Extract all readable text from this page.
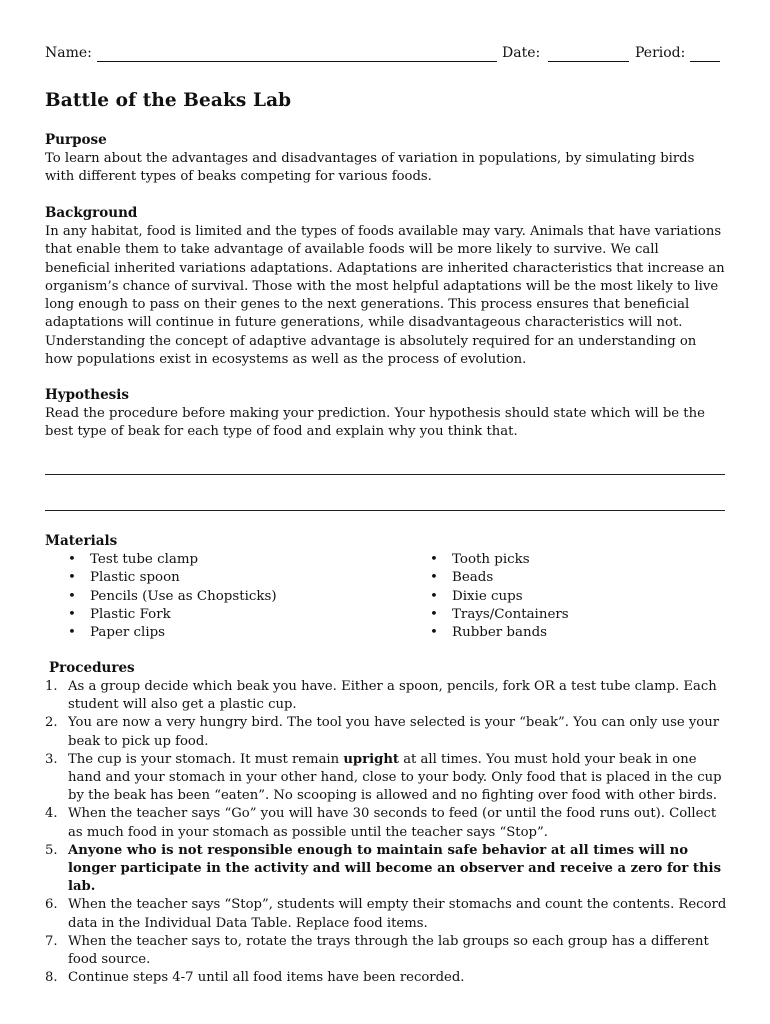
Name:	Date:	Period:
Battle of the Beaks Lab
Purpose
To learn about the advantages and disadvantages of variation in populations, by simulating birds with different types of beaks competing for various foods.
Background
In any habitat, food is limited and the types of foods available may vary. Animals that have variations that enable them to take advantage of available foods will be more likely to survive. We call beneficial inherited variations adaptations. Adaptations are inherited characteristics that increase an organism’s chance of survival. Those with the most helpful adaptations will be the most likely to live long enough to pass on their genes to the next generations. This process ensures that beneficial adaptations will continue in future generations, while disadvantageous characteristics will not. Understanding the concept of adaptive advantage is absolutely required for an understanding on how populations exist in ecosystems as well as the process of evolution.
Hypothesis
Read the procedure before making your prediction. Your hypothesis should state which will be the best type of beak for each type of food and explain why you think that.
Materials
• Test tube clamp
• Plastic spoon
• Pencils (Use as Chopsticks)
• Plastic Fork
• Paper clips
• Tooth picks
• Beads
• Dixie cups
• Trays/Containers
• Rubber bands
Procedures
1. As a group decide which beak you have. Either a spoon, pencils, fork OR a test tube clamp. Each student will also get a plastic cup.
2. You are now a very hungry bird. The tool you have selected is your “beak”. You can only use your beak to pick up food.
3. The cup is your stomach. It must remain upright at all times. You must hold your beak in one hand and your stomach in your other hand, close to your body. Only food that is placed in the cup by the beak has been “eaten”. No scooping is allowed and no fighting over food with other birds.
4. When the teacher says “Go” you will have 30 seconds to feed (or until the food runs out). Collect as much food in your stomach as possible until the teacher says “Stop”.
5. Anyone who is not responsible enough to maintain safe behavior at all times will no longer participate in the activity and will become an observer and receive a zero for this lab.
6. When the teacher says “Stop”, students will empty their stomachs and count the contents. Record data in the Individual Data Table. Replace food items.
7. When the teacher says to, rotate the trays through the lab groups so each group has a different food source.
8. Continue steps 4-7 until all food items have been recorded.
